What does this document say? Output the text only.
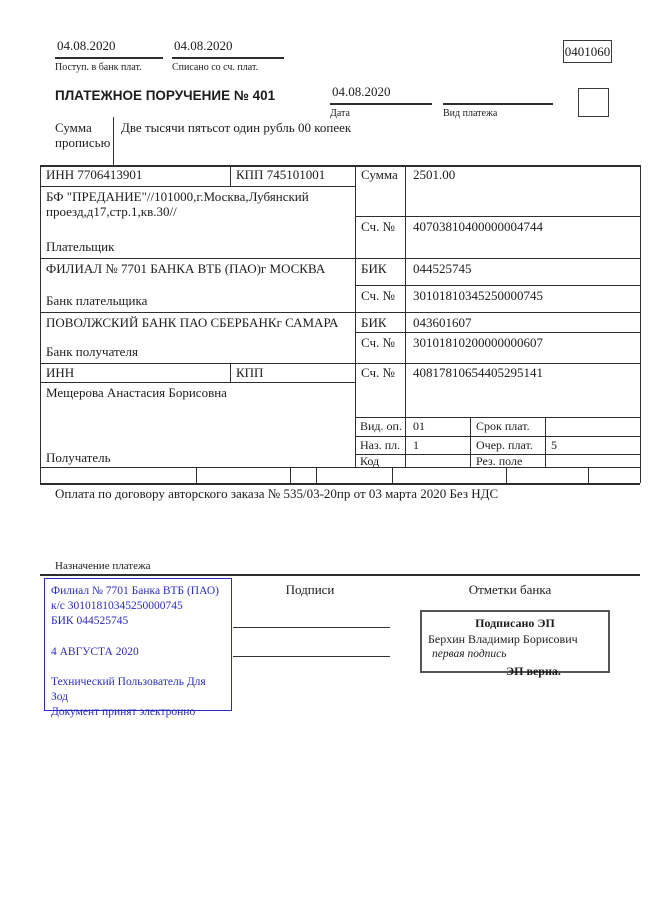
04.08.2020
Поступ. в банк плат.
04.08.2020
Списано со сч. плат.
0401060
ПЛАТЕЖНОЕ ПОРУЧЕНИЕ № 401	04.08.2020
Дата
	Вид платежа
Сумма прописью
Две тысячи пятьсот один рубль 00 копеек
ИНН 7706413901	КПП 745101001	Сумма 2501.00
БФ "ПРЕДАНИЕ"//101000,г.Москва,Лубянский проезд,д17,стр.1,кв.30//
Плательщик
Сч. № 40703810400000004744
ФИЛИАЛ № 7701 БАНКА ВТБ (ПАО)г МОСКВА
Банк плательщика
БИК 044525745
Сч. № 30101810345250000745
ПОВОЛЖСКИЙ БАНК ПАО СБЕРБАНКг САМАРА
Банк получателя
БИК 043601607
Сч. № 30101810200000000607
ИНН	КПП	Сч. № 40817810654405295141
Мещерова Анастасия Борисовна
Получатель
Вид. оп. 01	Срок плат.
Наз. пл. 1	Очер. плат. 5
Код	Рез. поле
Оплата по договору авторского заказа № 535/03-20пр от 03 марта 2020 Без НДС
Назначение платежа
Филиал № 7701 Банка ВТБ (ПАО)
к/с 30101810345250000745
БИК 044525745
4 АВГУСТА 2020
Технический Пользователь Для Зод
Документ принят электронно
Подписи	Отметки банка
Подписано ЭП
Берхин Владимир Борисович
первая подпись
ЭП верна.
